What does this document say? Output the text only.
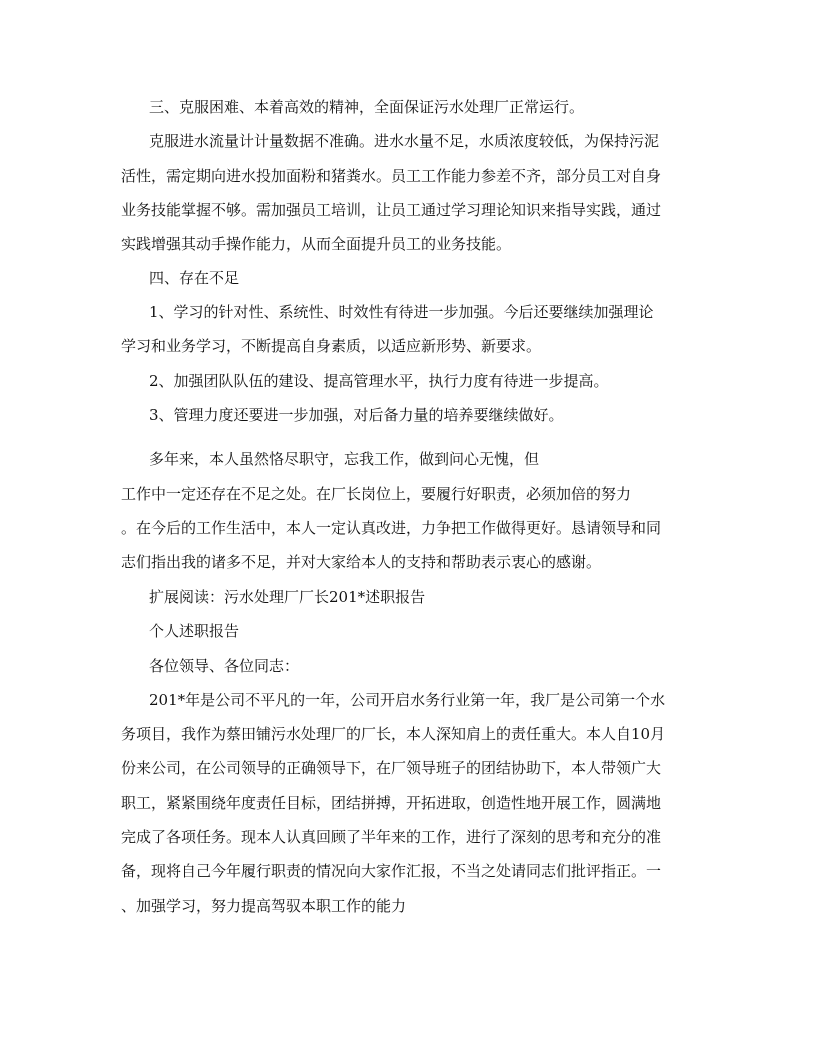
三、克服困难、本着高效的精神，全面保证污水处理厂正常运行。
克服进水流量计计量数据不准确。进水水量不足，水质浓度较低，为保持污泥
活性，需定期向进水投加面粉和猪粪水。员工工作能力参差不齐，部分员工对自身
业务技能掌握不够。需加强员工培训，让员工通过学习理论知识来指导实践，通过
实践增强其动手操作能力，从而全面提升员工的业务技能。
四、存在不足
1、学习的针对性、系统性、时效性有待进一步加强。今后还要继续加强理论
学习和业务学习，不断提高自身素质，以适应新形势、新要求。
2、加强团队队伍的建设、提高管理水平，执行力度有待进一步提高。
3、管理力度还要进一步加强，对后备力量的培养要继续做好。
多年来，本人虽然恪尽职守，忘我工作，做到问心无愧，但
工作中一定还存在不足之处。在厂长岗位上，要履行好职责，必须加倍的努力
。在今后的工作生活中，本人一定认真改进，力争把工作做得更好。恳请领导和同
志们指出我的诸多不足，并对大家给本人的支持和帮助表示衷心的感谢。
扩展阅读：污水处理厂厂长201*述职报告
个人述职报告
各位领导、各位同志：
201*年是公司不平凡的一年，公司开启水务行业第一年，我厂是公司第一个水
务项目，我作为蔡田铺污水处理厂的厂长，本人深知肩上的责任重大。本人自10月
份来公司，在公司领导的正确领导下，在厂领导班子的团结协助下，本人带领广大
职工，紧紧围绕年度责任目标，团结拼搏，开拓进取，创造性地开展工作，圆满地
完成了各项任务。现本人认真回顾了半年来的工作，进行了深刻的思考和充分的准
备，现将自己今年履行职责的情况向大家作汇报，不当之处请同志们批评指正。一
、加强学习，努力提高驾驭本职工作的能力
